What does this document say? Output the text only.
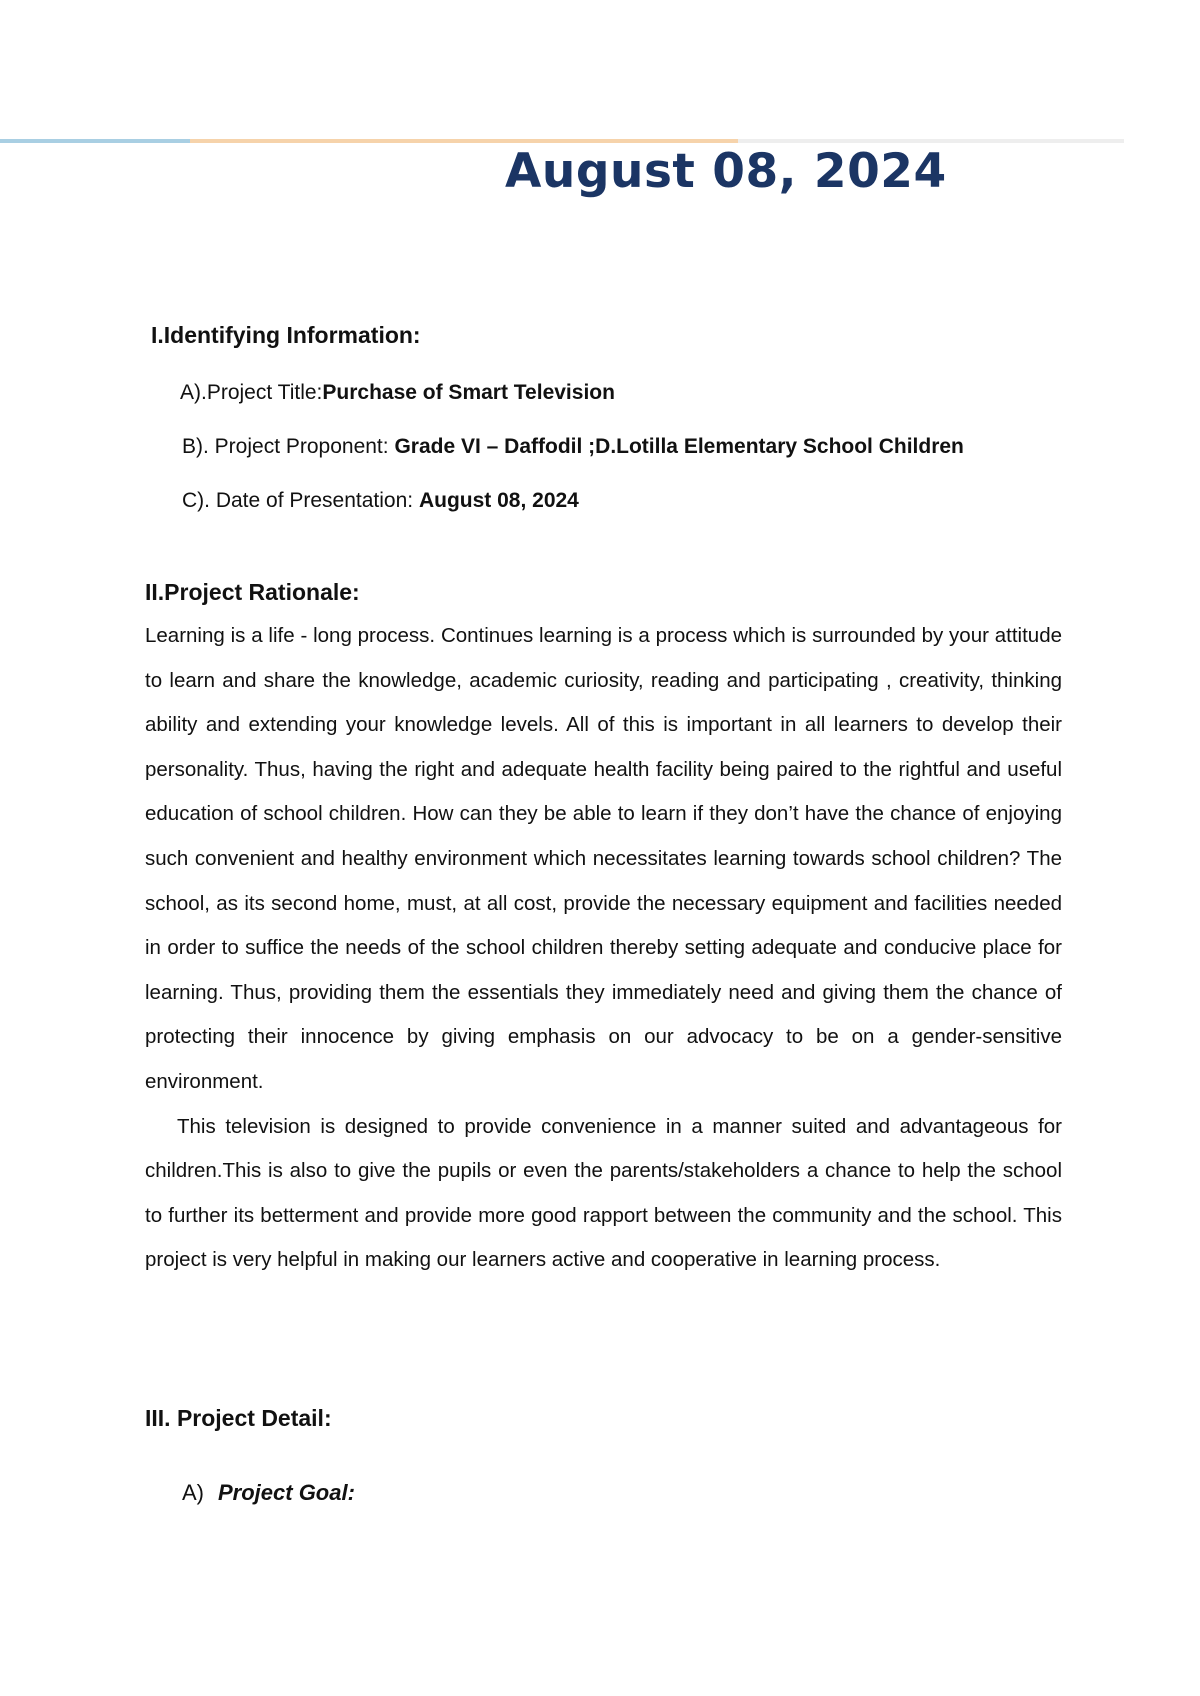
August 08, 2024
I.Identifying Information:
A).Project Title:Purchase of Smart Television
B). Project Proponent: Grade VI – Daffodil ;D.Lotilla Elementary School Children
C). Date of Presentation: August 08, 2024
II.Project Rationale:

Learning is a life - long process. Continues learning is a process which is surrounded by your attitude to learn and share the knowledge, academic curiosity, reading and participating , creativity, thinking ability and extending your knowledge levels. All of this is important in all learners to develop their personality. Thus, having the right and adequate health facility being paired to the rightful and useful education of school children. How can they be able to learn if they don’t have the chance of enjoying such convenient and healthy environment which necessitates learning towards school children? The school, as its second home, must, at all cost, provide the necessary equipment and facilities needed in order to suffice the needs of the school children thereby setting adequate and conducive place for learning. Thus, providing them the essentials they immediately need and giving them the chance of protecting their innocence by giving emphasis on our advocacy to be on a gender-sensitive environment.

This television is designed to provide convenience in a manner suited and advantageous for children.This is also to give the pupils or even the parents/stakeholders a chance to help the school to further its betterment and provide more good rapport between the community and the school. This project is very helpful in making our learners active and cooperative in learning process.

III. Project Detail:
A) Project Goal:
